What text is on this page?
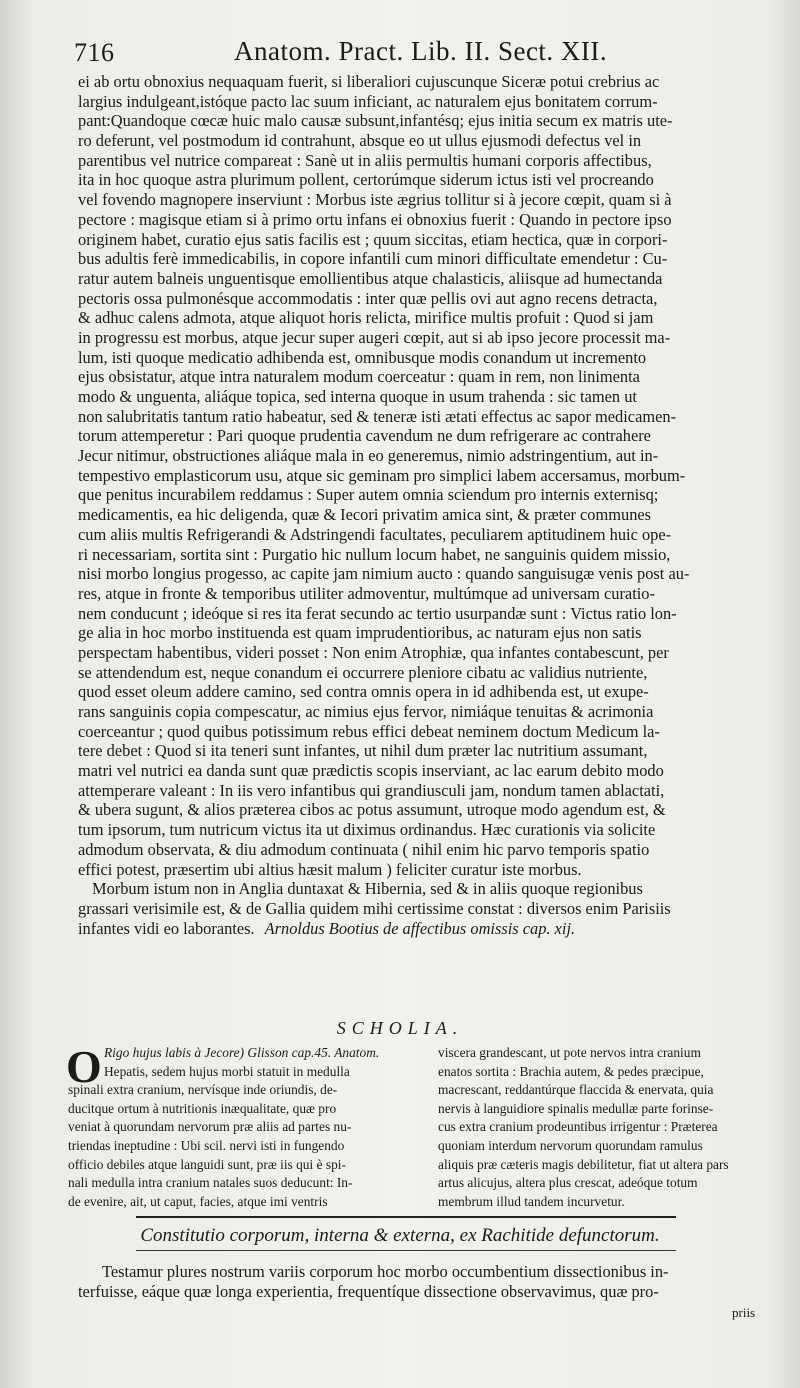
716	Anatom. Pract. Lib. II. Sect. XII.
ei ab ortu obnoxius nequaquam fuerit, si liberaliori cujuscunque Siceræ potui crebrius ac
largius indulgeant,istóque pacto lac suum inficiant, ac naturalem ejus bonitatem corrum-
pant:Quandoque cœcæ huic malo causæ subsunt,infantésq; ejus initia secum ex matris ute-
ro deferunt, vel postmodum id contrahunt, absque eo ut ullus ejusmodi defectus vel in
parentibus vel nutrice compareat : Sanè ut in aliis permultis humani corporis affectibus,
ita in hoc quoque astra plurimum pollent, certorúmque siderum ictus isti vel procreando
vel fovendo magnopere inserviunt : Morbus iste ægrius tollitur si à jecore cœpit, quam si à
pectore : magisque etiam si à primo ortu infans ei obnoxius fuerit : Quando in pectore ipso
originem habet, curatio ejus satis facilis est ; quum siccitas, etiam hectica, quæ in corpori-
bus adultis ferè immedicabilis, in copore infantili cum minori difficultate emendetur : Cu-
ratur autem balneis unguentisque emollientibus atque chalasticis, aliisque ad humectanda
pectoris ossa pulmonésque accommodatis : inter quæ pellis ovi aut agno recens detracta,
& adhuc calens admota, atque aliquot horis relicta, mirifice multis profuit : Quod si jam
in progressu est morbus, atque jecur super augeri cœpit, aut si ab ipso jecore processit ma-
lum, isti quoque medicatio adhibenda est, omnibusque modis conandum ut incremento
ejus obsistatur, atque intra naturalem modum coerceatur : quam in rem, non linimenta
modo & unguenta, aliáque topica, sed interna quoque in usum trahenda : sic tamen ut
non salubritatis tantum ratio habeatur, sed & teneræ isti ætati effectus ac sapor medicamen-
torum attemperetur : Pari quoque prudentia cavendum ne dum refrigerare ac contrahere
Jecur nitimur, obstructiones aliáque mala in eo generemus, nimio adstringentium, aut in-
tempestivo emplasticorum usu, atque sic geminam pro simplici labem accersamus, morbum-
que penitus incurabilem reddamus : Super autem omnia sciendum pro internis externisq;
medicamentis, ea hic deligenda, quæ & Iecori privatim amica sint, & præter communes
cum aliis multis Refrigerandi & Adstringendi facultates, peculiarem aptitudinem huic ope-
ri necessariam, sortita sint : Purgatio hic nullum locum habet, ne sanguinis quidem missio,
nisi morbo longius progesso, ac capite jam nimium aucto : quando sanguisugæ venis post au-
res, atque in fronte & temporibus utiliter admoventur, multúmque ad universam curatio-
nem conducunt ; ideóque si res ita ferat secundo ac tertio usurpandæ sunt : Victus ratio lon-
ge alia in hoc morbo instituenda est quam imprudentioribus, ac naturam ejus non satis
perspectam habentibus, videri posset : Non enim Atrophiæ, qua infantes contabescunt, per
se attendendum est, neque conandum ei occurrere pleniore cibatu ac validius nutriente,
quod esset oleum addere camino, sed contra omnis opera in id adhibenda est, ut exupe-
rans sanguinis copia compescatur, ac nimius ejus fervor, nimiáque tenuitas & acrimonia
coerceantur ; quod quibus potissimum rebus effici debeat neminem doctum Medicum la-
tere debet : Quod si ita teneri sunt infantes, ut nihil dum præter lac nutritium assumant,
matri vel nutrici ea danda sunt quæ prædictis scopis inserviant, ac lac earum debito modo
attemperare valeant : In iis vero infantibus qui grandiusculi jam, nondum tamen ablactati,
& ubera sugunt, & alios præterea cibos ac potus assumunt, utroque modo agendum est, &
tum ipsorum, tum nutricum victus ita ut diximus ordinandus. Hæc curationis via solicite
admodum observata, & diu admodum continuata ( nihil enim hic parvo temporis spatio
effici potest, præsertim ubi altius hæsit malum ) feliciter curatur iste morbus.
Morbum istum non in Anglia duntaxat & Hibernia, sed & in aliis quoque regionibus
grassari verisimile est, & de Gallia quidem mihi certissime constat : diversos enim Parisiis
infantes vidi eo laborantes. Arnoldus Bootius de affectibus omissis cap. xij.
SCHOLIA.
O Rigo hujus labis à Jecore) Glisson cap.45. Anatom.
Hepatis, sedem hujus morbi statuit in medulla
spinali extra cranium, nervísque inde oriundis, de-
ducitque ortum à nutritionis inæqualitate, quæ pro
veniat à quorundam nervorum præ aliis ad partes nu-
triendas ineptudine : Ubi scil. nervi isti in fungendo
officio debiles atque languidi sunt, præ iis qui è spi-
nali medulla intra cranium natales suos deducunt: In-
de evenire, ait, ut caput, facies, atque imi ventris
viscera grandescant, ut pote nervos intra cranium
enatos sortita : Brachia autem, & pedes præcipue,
macrescant, reddantúrque flaccida & enervata, quia
nervis à languidiore spinalis medullæ parte forinse-
cus extra cranium prodeuntibus irrigentur : Præterea
quoniam interdum nervorum quorundam ramulus
aliquis præ cæteris magis debilitetur, fiat ut altera pars
artus alicujus, altera plus crescat, adeóque totum
membrum illud tandem incurvetur.
Constitutio corporum, interna & externa, ex Rachitide defunctorum.
Testamur plures nostrum variis corporum hoc morbo occumbentium dissectionibus in-
terfuisse, eáque quæ longa experientia, frequentíque dissectione observavimus, quæ pro-
priis
